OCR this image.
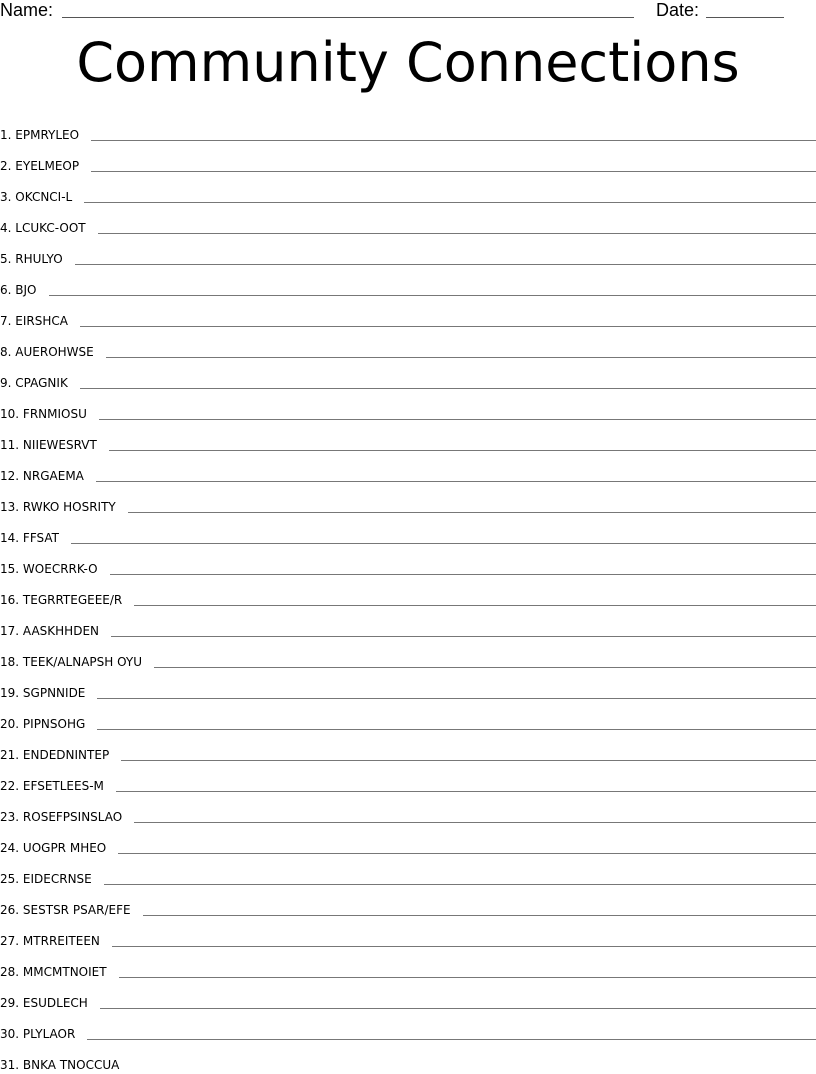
Name:	Date:
Community Connections
1. EPMRYLEO
2. EYELMEOP
3. OKCNCI-L
4. LCUKC-OOT
5. RHULYO
6. BJO
7. EIRSHCA
8. AUEROHWSE
9. CPAGNIK
10. FRNMIOSU
11. NIIEWESRVT
12. NRGAEMA
13. RWKO HOSRITY
14. FFSAT
15. WOECRRK-O
16. TEGRRTEGEEE/R
17. AASKHHDEN
18. TEEK/ALNAPSH OYU
19. SGPNNIDE
20. PIPNSOHG
21. ENDEDNINTEP
22. EFSETLEES-M
23. ROSEFPSINSLAO
24. UOGPR MHEO
25. EIDECRNSE
26. SESTSR PSAR/EFE
27. MTRREITEEN
28. MMCMTNOIET
29. ESUDLECH
30. PLYLAOR
31. BNKA TNOCCUA
